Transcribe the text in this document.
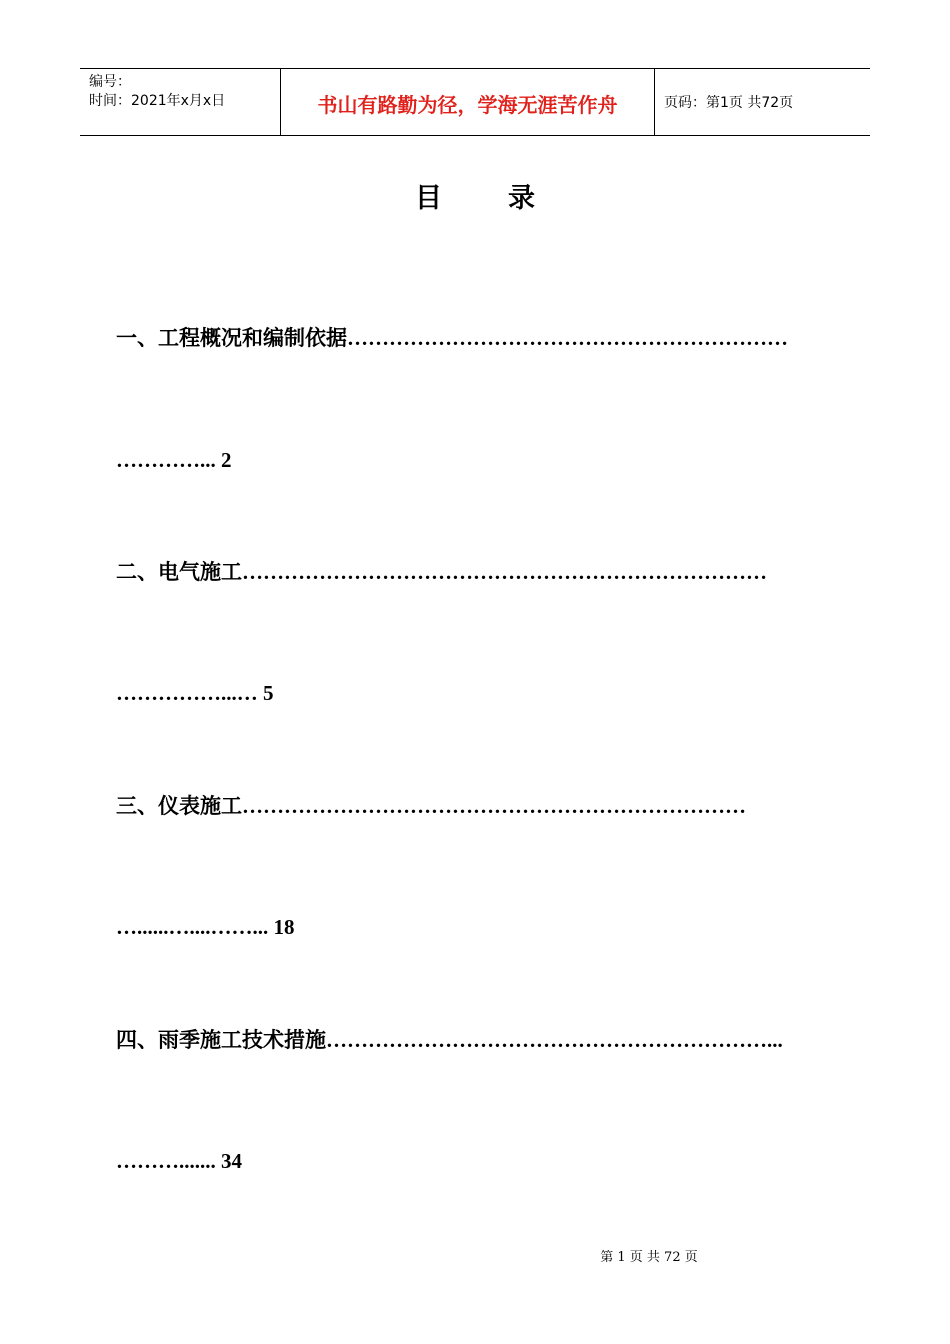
编号：
时间：2021年x月x日	书山有路勤为径，学海无涯苦作舟	页码：第1页 共72页
目 录
一、工程概况和编制依据………………………………………………………
…………... 2
二、电气施工…………………………………………………………………
……………...… 5
三、仪表施工………………………………………………………………
…......…....……... 18
四、雨季施工技术措施………………………………………………………...
………....... 34
第 1 页 共 72 页
